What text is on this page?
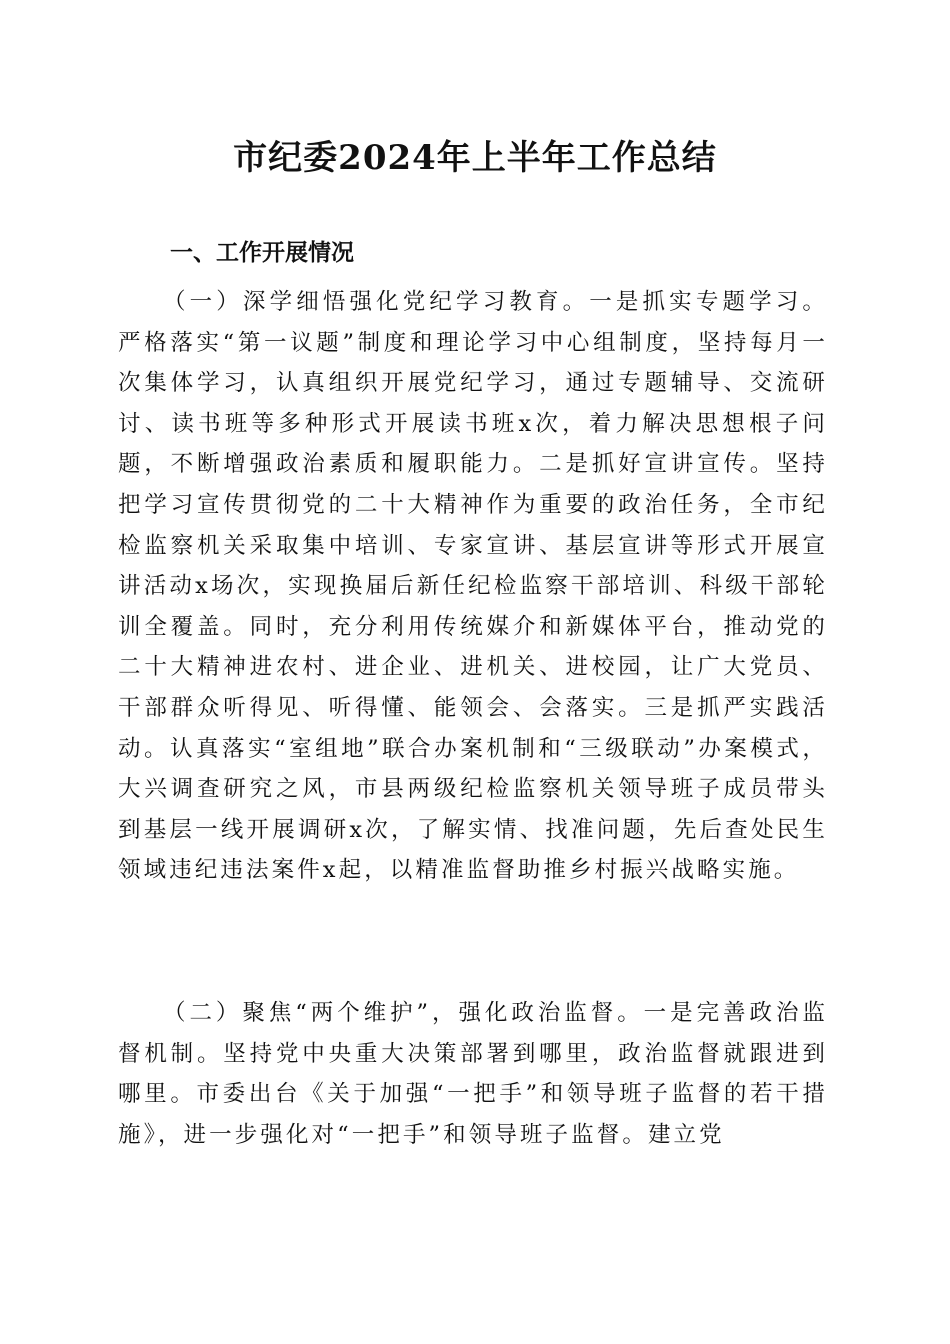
市纪委2024年上半年工作总结
一、工作开展情况

（一）深学细悟强化党纪学习教育。一是抓实专题学习。严格落实“第一议题”制度和理论学习中心组制度，坚持每月一次集体学习，认真组织开展党纪学习，通过专题辅导、交流研讨、读书班等多种形式开展读书班x次，着力解决思想根子问题，不断增强政治素质和履职能力。二是抓好宣讲宣传。坚持把学习宣传贯彻党的二十大精神作为重要的政治任务，全市纪检监察机关采取集中培训、专家宣讲、基层宣讲等形式开展宣讲活动x场次，实现换届后新任纪检监察干部培训、科级干部轮训全覆盖。同时，充分利用传统媒介和新媒体平台，推动党的二十大精神进农村、进企业、进机关、进校园，让广大党员、干部群众听得见、听得懂、能领会、会落实。三是抓严实践活动。认真落实“室组地”联合办案机制和“三级联动”办案模式，大兴调查研究之风，市县两级纪检监察机关领导班子成员带头到基层一线开展调研x次，了解实情、找准问题，先后查处民生领域违纪违法案件x起，以精准监督助推乡村振兴战略实施。

（二）聚焦“两个维护”，强化政治监督。一是完善政治监督机制。坚持党中央重大决策部署到哪里，政治监督就跟进到哪里。市委出台《关于加强“一把手”和领导班子监督的若干措施》，进一步强化对“一把手”和领导班子监督。建立党
